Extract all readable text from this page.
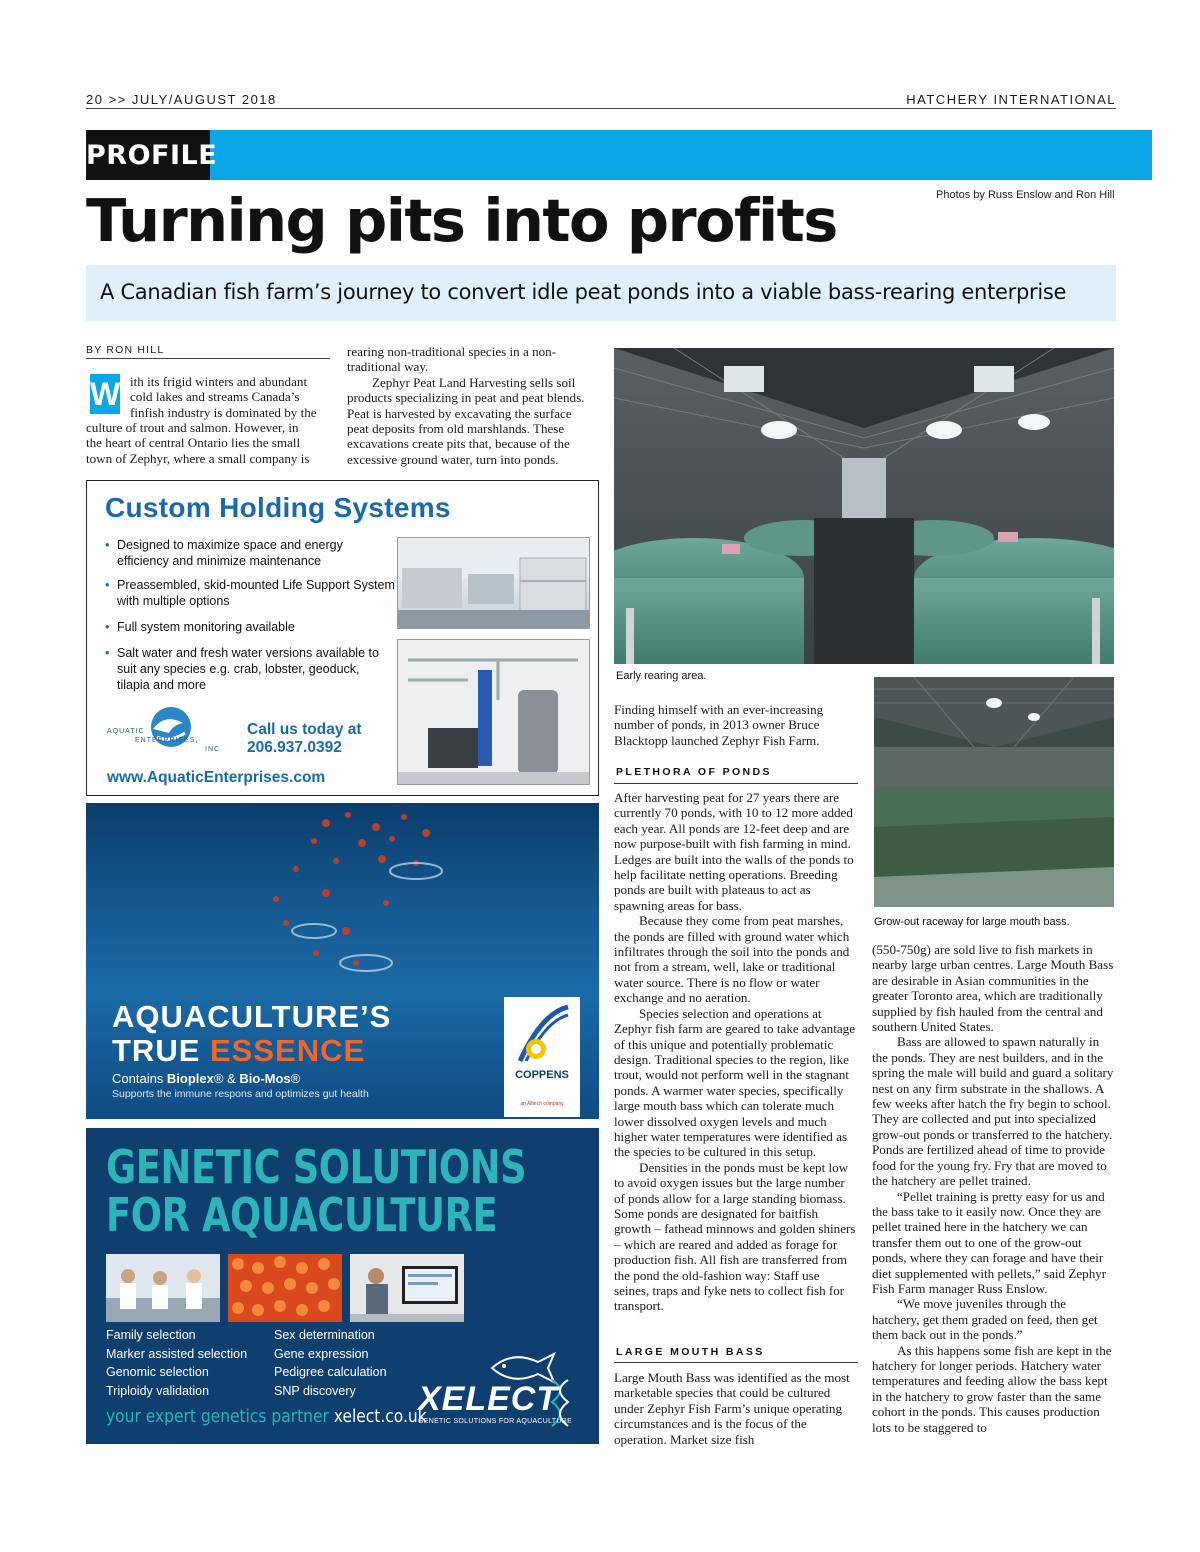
20 >> JULY/AUGUST 2018	HATCHERY INTERNATIONAL
PROFILE
Photos by Russ Enslow and Ron Hill
Turning pits into profits
A Canadian fish farm’s journey to convert idle peat ponds into a viable bass-rearing enterprise
BY RON HILL
W ith its frigid winters and abundant
cold lakes and streams Canada’s
finfish industry is dominated by the
culture of trout and salmon. However, in
the heart of central Ontario lies the small
town of Zephyr, where a small company is

rearing non-traditional species in a non-traditional way.

Zephyr Peat Land Harvesting sells soil products specializing in peat and peat blends. Peat is harvested by excavating the surface peat deposits from old marshlands. These excavations create pits that, because of the excessive ground water, turn into ponds.

Custom Holding Systems
• Designed to maximize space and energy efficiency and minimize maintenance
• Preassembled, skid-mounted Life Support System with multiple options
• Full system monitoring available
• Salt water and fresh water versions available to suit any species e.g. crab, lobster, geoduck, tilapia and more
AQUATIC
ENTERPRISES,
INC.
Call us today at
206.937.0392
www.AquaticEnterprises.com
AQUACULTURE’S
TRUE ESSENCE
Contains Bioplex® & Bio-Mos®
Supports the immune respons and optimizes gut health
COPPENS
an Alltech company
GENETIC SOLUTIONS
FOR AQUACULTURE
Family selection
Marker assisted selection
Genomic selection
Triploidy validation
Sex determination
Gene expression
Pedigree calculation
SNP discovery
your expert genetics partner xelect.co.uk
XELECT
GENETIC SOLUTIONS FOR AQUACULTURE
Early rearing area.

Finding himself with an ever-increasing number of ponds, in 2013 owner Bruce Blacktopp launched Zephyr Fish Farm.

PLETHORA OF PONDS

After harvesting peat for 27 years there are currently 70 ponds, with 10 to 12 more added each year. All ponds are 12-feet deep and are now purpose-built with fish farming in mind. Ledges are built into the walls of the ponds to help facilitate netting operations. Breeding ponds are built with plateaus to act as spawning areas for bass.

Because they come from peat marshes, the ponds are filled with ground water which infiltrates through the soil into the ponds and not from a stream, well, lake or traditional water source. There is no flow or water exchange and no aeration.

Species selection and operations at Zephyr fish farm are geared to take advantage of this unique and potentially problematic design. Traditional species to the region, like trout, would not perform well in the stagnant ponds. A warmer water species, specifically large mouth bass which can tolerate much lower dissolved oxygen levels and much higher water temperatures were identified as the species to be cultured in this setup.

Densities in the ponds must be kept low to avoid oxygen issues but the large number of ponds allow for a large standing biomass. Some ponds are designated for baitfish growth – fathead minnows and golden shiners – which are reared and added as forage for production fish. All fish are transferred from the pond the old-fashion way: Staff use seines, traps and fyke nets to collect fish for transport.

LARGE MOUTH BASS

Large Mouth Bass was identified as the most marketable species that could be cultured under Zephyr Fish Farm’s unique operating circumstances and is the focus of the operation. Market size fish

Grow-out raceway for large mouth bass.

(550-750g) are sold live to fish markets in nearby large urban centres. Large Mouth Bass are desirable in Asian communities in the greater Toronto area, which are traditionally supplied by fish hauled from the central and southern United States.

Bass are allowed to spawn naturally in the ponds. They are nest builders, and in the spring the male will build and guard a solitary nest on any firm substrate in the shallows. A few weeks after hatch the fry begin to school. They are collected and put into specialized grow-out ponds or transferred to the hatchery. Ponds are fertilized ahead of time to provide food for the young fry. Fry that are moved to the hatchery are pellet trained.

“Pellet training is pretty easy for us and the bass take to it easily now. Once they are pellet trained here in the hatchery we can transfer them out to one of the grow-out ponds, where they can forage and have their diet supplemented with pellets,” said Zephyr Fish Farm manager Russ Enslow.

“We move juveniles through the hatchery, get them graded on feed, then get them back out in the ponds.”

As this happens some fish are kept in the hatchery for longer periods. Hatchery water temperatures and feeding allow the bass kept in the hatchery to grow faster than the same cohort in the ponds. This causes production lots to be staggered to
